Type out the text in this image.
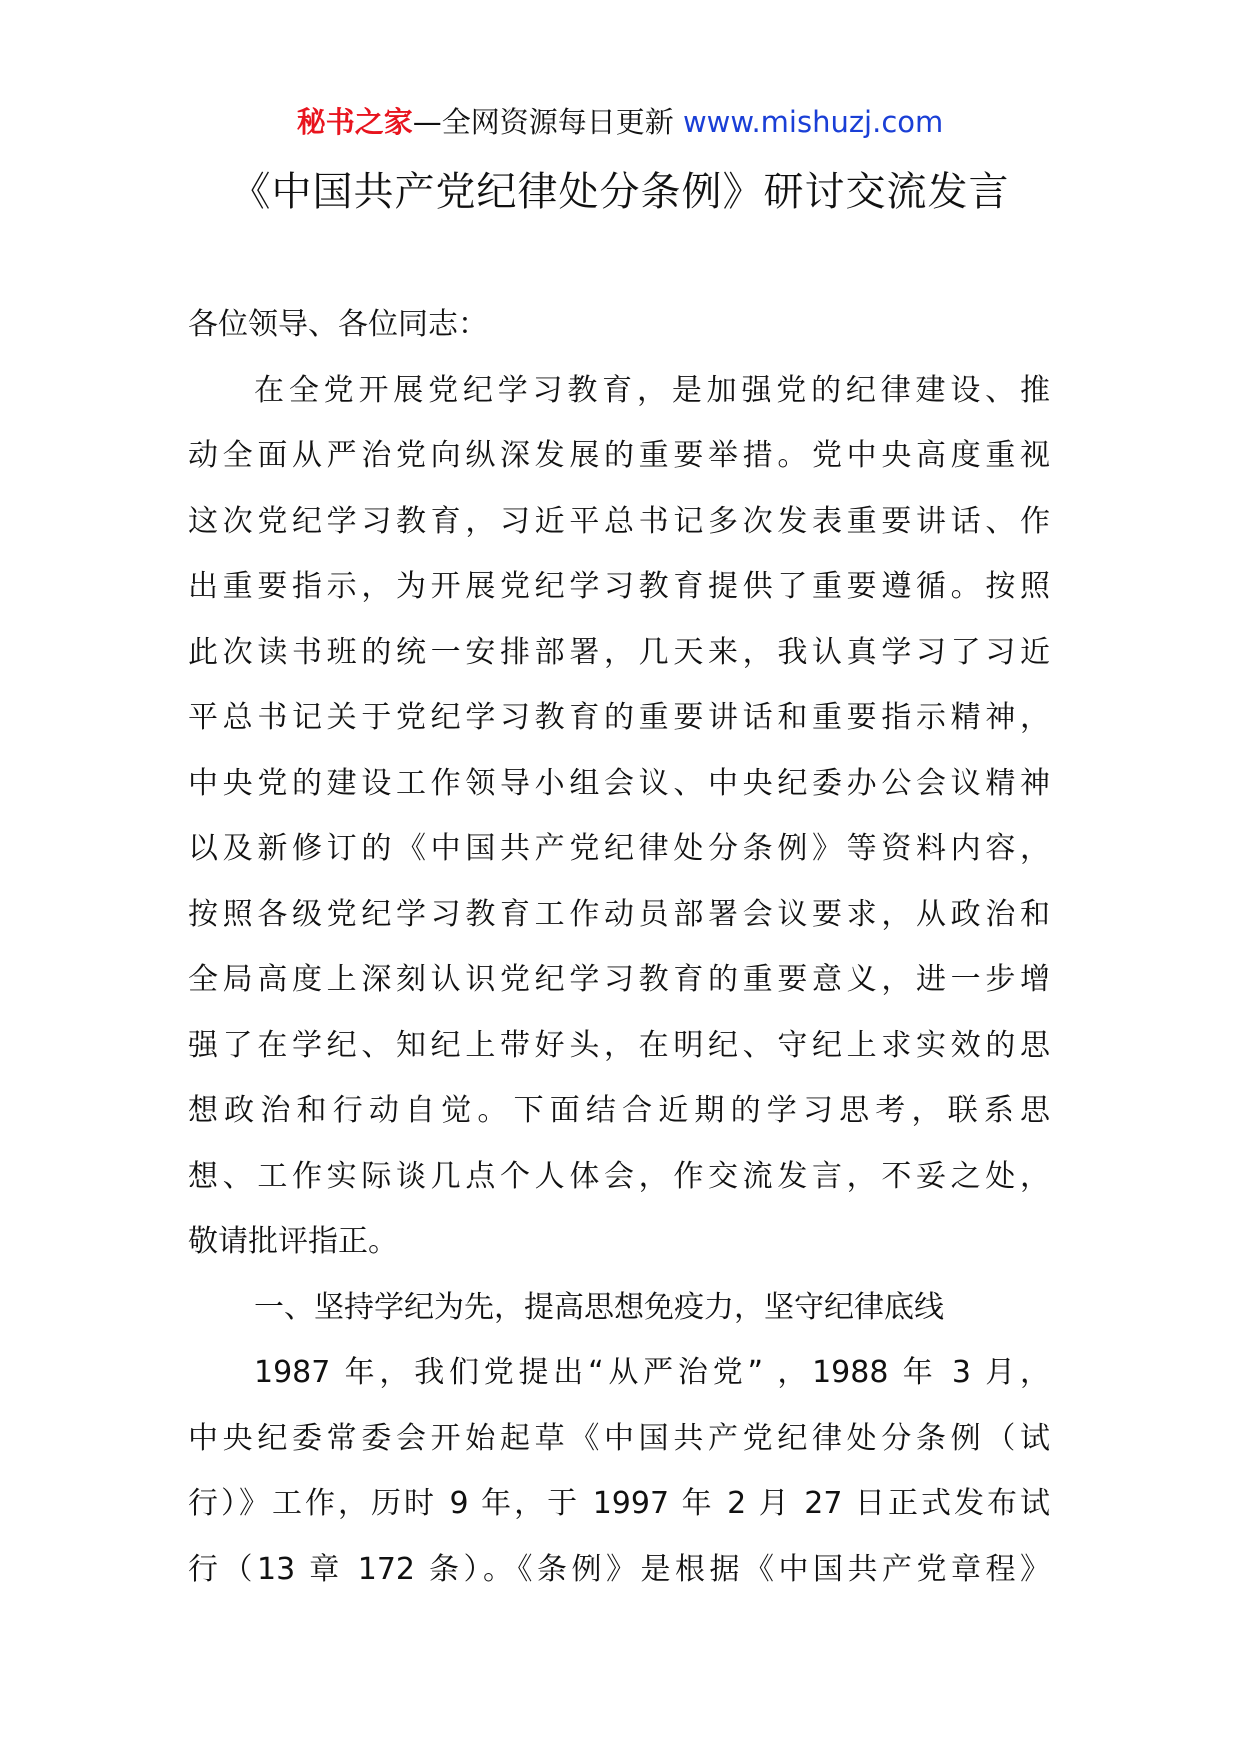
秘书之家—全网资源每日更新 www.mishuzj.com
《中国共产党纪律处分条例》研讨交流发言
各位领导、各位同志：
在全党开展党纪学习教育，是加强党的纪律建设、推
动全面从严治党向纵深发展的重要举措。党中央高度重视
这次党纪学习教育，习近平总书记多次发表重要讲话、作
出重要指示，为开展党纪学习教育提供了重要遵循。按照
此次读书班的统一安排部署，几天来，我认真学习了习近
平总书记关于党纪学习教育的重要讲话和重要指示精神，
中央党的建设工作领导小组会议、中央纪委办公会议精神
以及新修订的《中国共产党纪律处分条例》等资料内容，
按照各级党纪学习教育工作动员部署会议要求，从政治和
全局高度上深刻认识党纪学习教育的重要意义，进一步增
强了在学纪、知纪上带好头，在明纪、守纪上求实效的思
想政治和行动自觉。下面结合近期的学习思考，联系思
想、工作实际谈几点个人体会，作交流发言，不妥之处，
敬请批评指正。
一、坚持学纪为先，提高思想免疫力，坚守纪律底线
1987 年，我们党提出“从严治党” ，1988 年 3 月，
中央纪委常委会开始起草《中国共产党纪律处分条例（试
行）》工作，历时 9 年，于 1997 年 2 月 27 日正式发布试
行（13 章 172 条）。《条例》是根据《中国共产党章程》
